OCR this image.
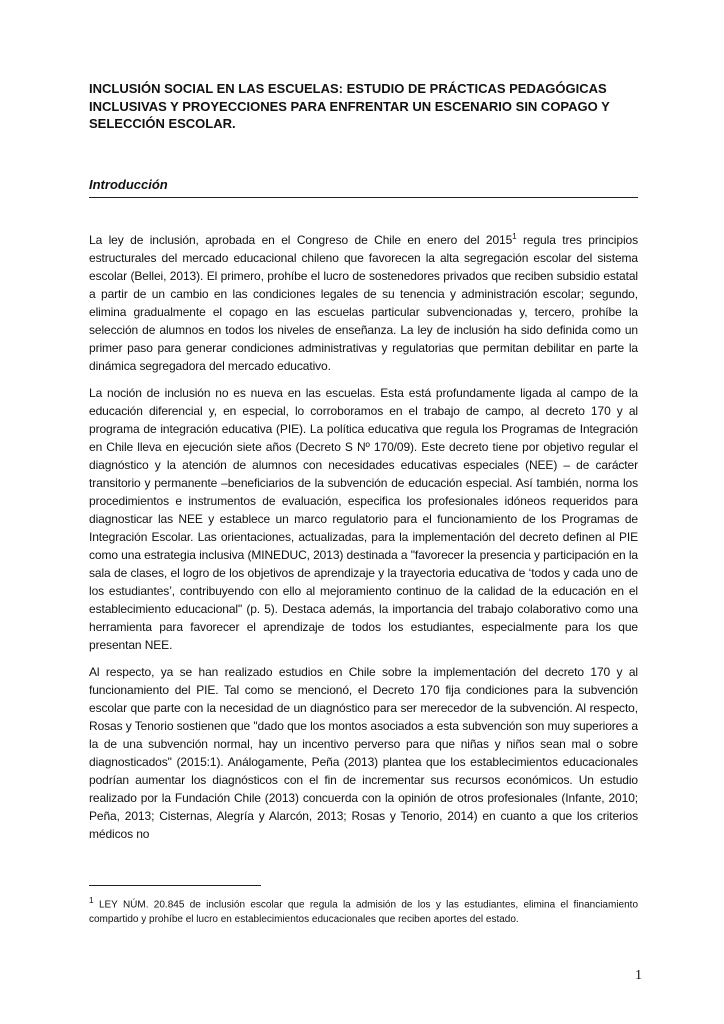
INCLUSIÓN SOCIAL EN LAS ESCUELAS: ESTUDIO DE PRÁCTICAS PEDAGÓGICAS INCLUSIVAS Y PROYECCIONES PARA ENFRENTAR UN ESCENARIO SIN COPAGO Y SELECCIÓN ESCOLAR.
Introducción

La ley de inclusión, aprobada en el Congreso de Chile en enero del 2015$^1$ regula tres principios estructurales del mercado educacional chileno que favorecen la alta segregación escolar del sistema escolar (Bellei, 2013). El primero, prohíbe el lucro de sostenedores privados que reciben subsidio estatal a partir de un cambio en las condiciones legales de su tenencia y administración escolar; segundo, elimina gradualmente el copago en las escuelas particular subvencionadas y, tercero, prohíbe la selección de alumnos en todos los niveles de enseñanza. La ley de inclusión ha sido definida como un primer paso para generar condiciones administrativas y regulatorias que permitan debilitar en parte la dinámica segregadora del mercado educativo.

La noción de inclusión no es nueva en las escuelas. Esta está profundamente ligada al campo de la educación diferencial y, en especial, lo corroboramos en el trabajo de campo, al decreto 170 y al programa de integración educativa (PIE). La política educativa que regula los Programas de Integración en Chile lleva en ejecución siete años (Decreto S Nº 170/09). Este decreto tiene por objetivo regular el diagnóstico y la atención de alumnos con necesidades educativas especiales (NEE) – de carácter transitorio y permanente –beneficiarios de la subvención de educación especial. Así también, norma los procedimientos e instrumentos de evaluación, especifica los profesionales idóneos requeridos para diagnosticar las NEE y establece un marco regulatorio para el funcionamiento de los Programas de Integración Escolar. Las orientaciones, actualizadas, para la implementación del decreto definen al PIE como una estrategia inclusiva (MINEDUC, 2013) destinada a "favorecer la presencia y participación en la sala de clases, el logro de los objetivos de aprendizaje y la trayectoria educativa de ‘todos y cada uno de los estudiantes’, contribuyendo con ello al mejoramiento continuo de la calidad de la educación en el establecimiento educacional" (p. 5). Destaca además, la importancia del trabajo colaborativo como una herramienta para favorecer el aprendizaje de todos los estudiantes, especialmente para los que presentan NEE.

Al respecto, ya se han realizado estudios en Chile sobre la implementación del decreto 170 y al funcionamiento del PIE. Tal como se mencionó, el Decreto 170 fija condiciones para la subvención escolar que parte con la necesidad de un diagnóstico para ser merecedor de la subvención. Al respecto, Rosas y Tenorio sostienen que "dado que los montos asociados a esta subvención son muy superiores a la de una subvención normal, hay un incentivo perverso para que niñas y niños sean mal o sobre diagnosticados" (2015:1). Análogamente, Peña (2013) plantea que los establecimientos educacionales podrían aumentar los diagnósticos con el fin de incrementar sus recursos económicos. Un estudio realizado por la Fundación Chile (2013) concuerda con la opinión de otros profesionales (Infante, 2010; Peña, 2013; Cisternas, Alegría y Alarcón, 2013; Rosas y Tenorio, 2014) en cuanto a que los criterios médicos no

$^1$ LEY NÚM. 20.845 de inclusión escolar que regula la admisión de los y las estudiantes, elimina el financiamiento compartido y prohíbe el lucro en establecimientos educacionales que reciben aportes del estado.

1
